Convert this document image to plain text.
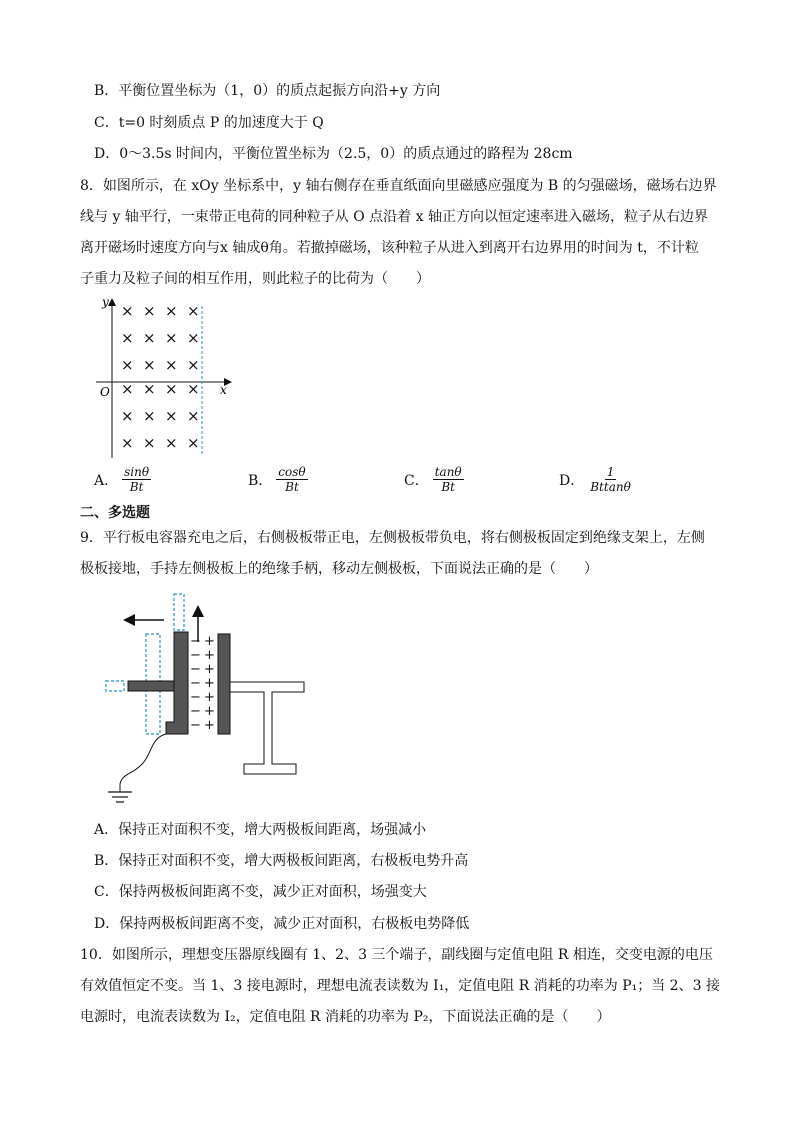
B．平衡位置坐标为（1，0）的质点起振方向沿+y 方向
C．t=0 时刻质点 P 的加速度大于 Q
D．0～3.5s 时间内，平衡位置坐标为（2.5，0）的质点通过的路程为 28cm
8．如图所示，在 xOy 坐标系中，y 轴右侧存在垂直纸面向里磁感应强度为 B 的匀强磁场，磁场右边界
线与 y 轴平行，一束带正电荷的同种粒子从 O 点沿着 x 轴正方向以恒定速率进入磁场，粒子从右边界
离开磁场时速度方向与x 轴成θ角。若撤掉磁场，该种粒子从进入到离开右边界用的时间为 t，不计粒
子重力及粒子间的相互作用，则此粒子的比荷为（　　）
y
x
O
× × × ×
× × × ×
× × × ×
× × × ×
× × × ×
× × × ×
A． $\frac{\sin\theta}{Bt}$	B． $\frac{\cos\theta}{Bt}$	C． $\frac{\tan\theta}{Bt}$	D． $\frac{1}{Bttan\theta}$
二、多选题
9．平行板电容器充电之后，右侧极板带正电，左侧极板带负电，将右侧极板固定到绝缘支架上，左侧
极板接地，手持左侧极板上的绝缘手柄，移动左侧极板，下面说法正确的是（　　）
+
−
+
−
+
−
+
−
+
−
+
−
+
−
A．保持正对面积不变，增大两极板间距离，场强减小
B．保持正对面积不变，增大两极板间距离，右极板电势升高
C．保持两极板间距离不变，减少正对面积，场强变大
D．保持两极板间距离不变，减少正对面积，右极板电势降低
10．如图所示，理想变压器原线圈有 1、2、3 三个端子，副线圈与定值电阻 R 相连，交变电源的电压
有效值恒定不变。当 1、3 接电源时，理想电流表读数为 I₁，定值电阻 R 消耗的功率为 P₁；当 2、3 接
电源时，电流表读数为 I₂，定值电阻 R 消耗的功率为 P₂，下面说法正确的是（　　）
